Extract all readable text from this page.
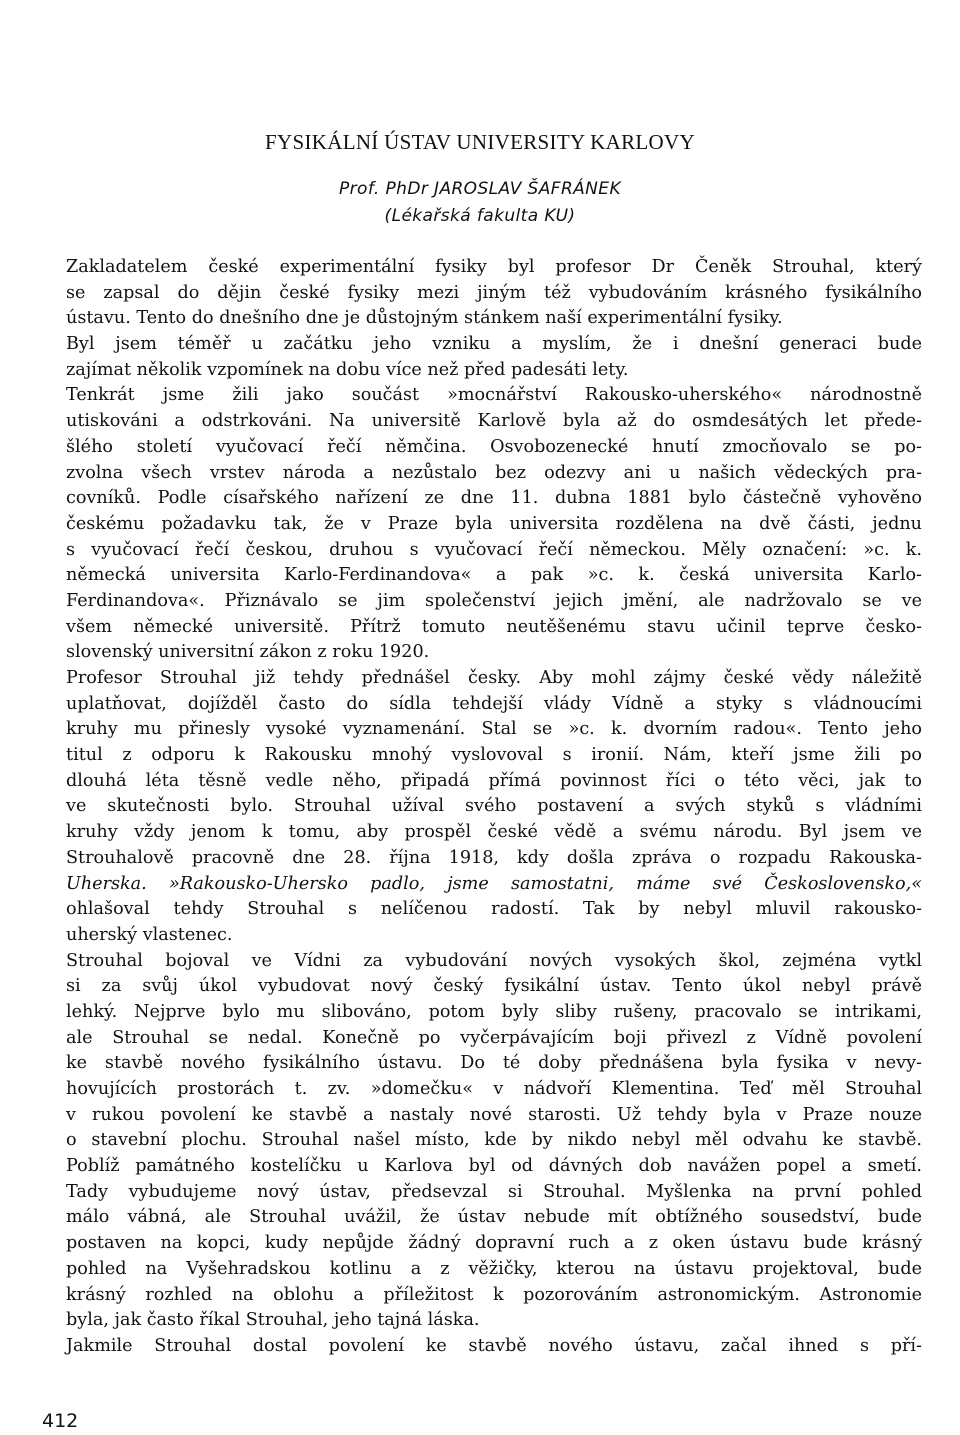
FYSIKÁLNÍ ÚSTAV UNIVERSITY KARLOVY
Prof. PhDr JAROSLAV ŠAFRÁNEK
(Lékařská fakulta KU)
Zakladatelem české experimentální fysiky byl profesor Dr Čeněk Strouhal, který
se zapsal do dějin české fysiky mezi jiným též vybudováním krásného fysikálního
ústavu. Tento do dnešního dne je důstojným stánkem naší experimentální fysiky.
Byl jsem téměř u začátku jeho vzniku a myslím, že i dnešní generaci bude
zajímat několik vzpomínek na dobu více než před padesáti lety.
Tenkrát jsme žili jako součást »mocnářství Rakousko-uherského« národnostně
utiskováni a odstrkováni. Na universitě Karlově byla až do osmdesátých let přede-
šlého století vyučovací řečí němčina. Osvobozenecké hnutí zmocňovalo se po-
zvolna všech vrstev národa a nezůstalo bez odezvy ani u našich vědeckých pra-
covníků. Podle císařského nařízení ze dne 11. dubna 1881 bylo částečně vyhověno
českému požadavku tak, že v Praze byla universita rozdělena na dvě části, jednu
s vyučovací řečí českou, druhou s vyučovací řečí německou. Měly označení: »c. k.
německá universita Karlo-Ferdinandova« a pak »c. k. česká universita Karlo-
Ferdinandova«. Přiznávalo se jim společenství jejich jmění, ale nadržovalo se ve
všem německé universitě. Přítrž tomuto neutěšenému stavu učinil teprve česko-
slovenský universitní zákon z roku 1920.
Profesor Strouhal již tehdy přednášel česky. Aby mohl zájmy české vědy náležitě
uplatňovat, dojížděl často do sídla tehdejší vlády Vídně a styky s vládnoucími
kruhy mu přinesly vysoké vyznamenání. Stal se »c. k. dvorním radou«. Tento jeho
titul z odporu k Rakousku mnohý vyslovoval s ironií. Nám, kteří jsme žili po
dlouhá léta těsně vedle něho, připadá přímá povinnost říci o této věci, jak to
ve skutečnosti bylo. Strouhal užíval svého postavení a svých styků s vládními
kruhy vždy jenom k tomu, aby prospěl české vědě a svému národu. Byl jsem ve
Strouhalově pracovně dne 28. října 1918, kdy došla zpráva o rozpadu Rakouska-
Uherska. »Rakousko-Uhersko padlo, jsme samostatni, máme své Československo,«
ohlašoval tehdy Strouhal s nelíčenou radostí. Tak by nebyl mluvil rakousko-
uherský vlastenec.
Strouhal bojoval ve Vídni za vybudování nových vysokých škol, zejména vytkl
si za svůj úkol vybudovat nový český fysikální ústav. Tento úkol nebyl právě
lehký. Nejprve bylo mu slibováno, potom byly sliby rušeny, pracovalo se intrikami,
ale Strouhal se nedal. Konečně po vyčerpávajícím boji přivezl z Vídně povolení
ke stavbě nového fysikálního ústavu. Do té doby přednášena byla fysika v nevy-
hovujících prostorách t. zv. »domečku« v nádvoří Klementina. Teď měl Strouhal
v rukou povolení ke stavbě a nastaly nové starosti. Už tehdy byla v Praze nouze
o stavební plochu. Strouhal našel místo, kde by nikdo nebyl měl odvahu ke stavbě.
Poblíž památného kostelíčku u Karlova byl od dávných dob navážen popel a smetí.
Tady vybudujeme nový ústav, předsevzal si Strouhal. Myšlenka na první pohled
málo vábná, ale Strouhal uvážil, že ústav nebude mít obtížného sousedství, bude
postaven na kopci, kudy nepůjde žádný dopravní ruch a z oken ústavu bude krásný
pohled na Vyšehradskou kotlinu a z věžičky, kterou na ústavu projektoval, bude
krásný rozhled na oblohu a příležitost k pozorováním astronomickým. Astronomie
byla, jak často říkal Strouhal, jeho tajná láska.
Jakmile Strouhal dostal povolení ke stavbě nového ústavu, začal ihned s pří-
412
